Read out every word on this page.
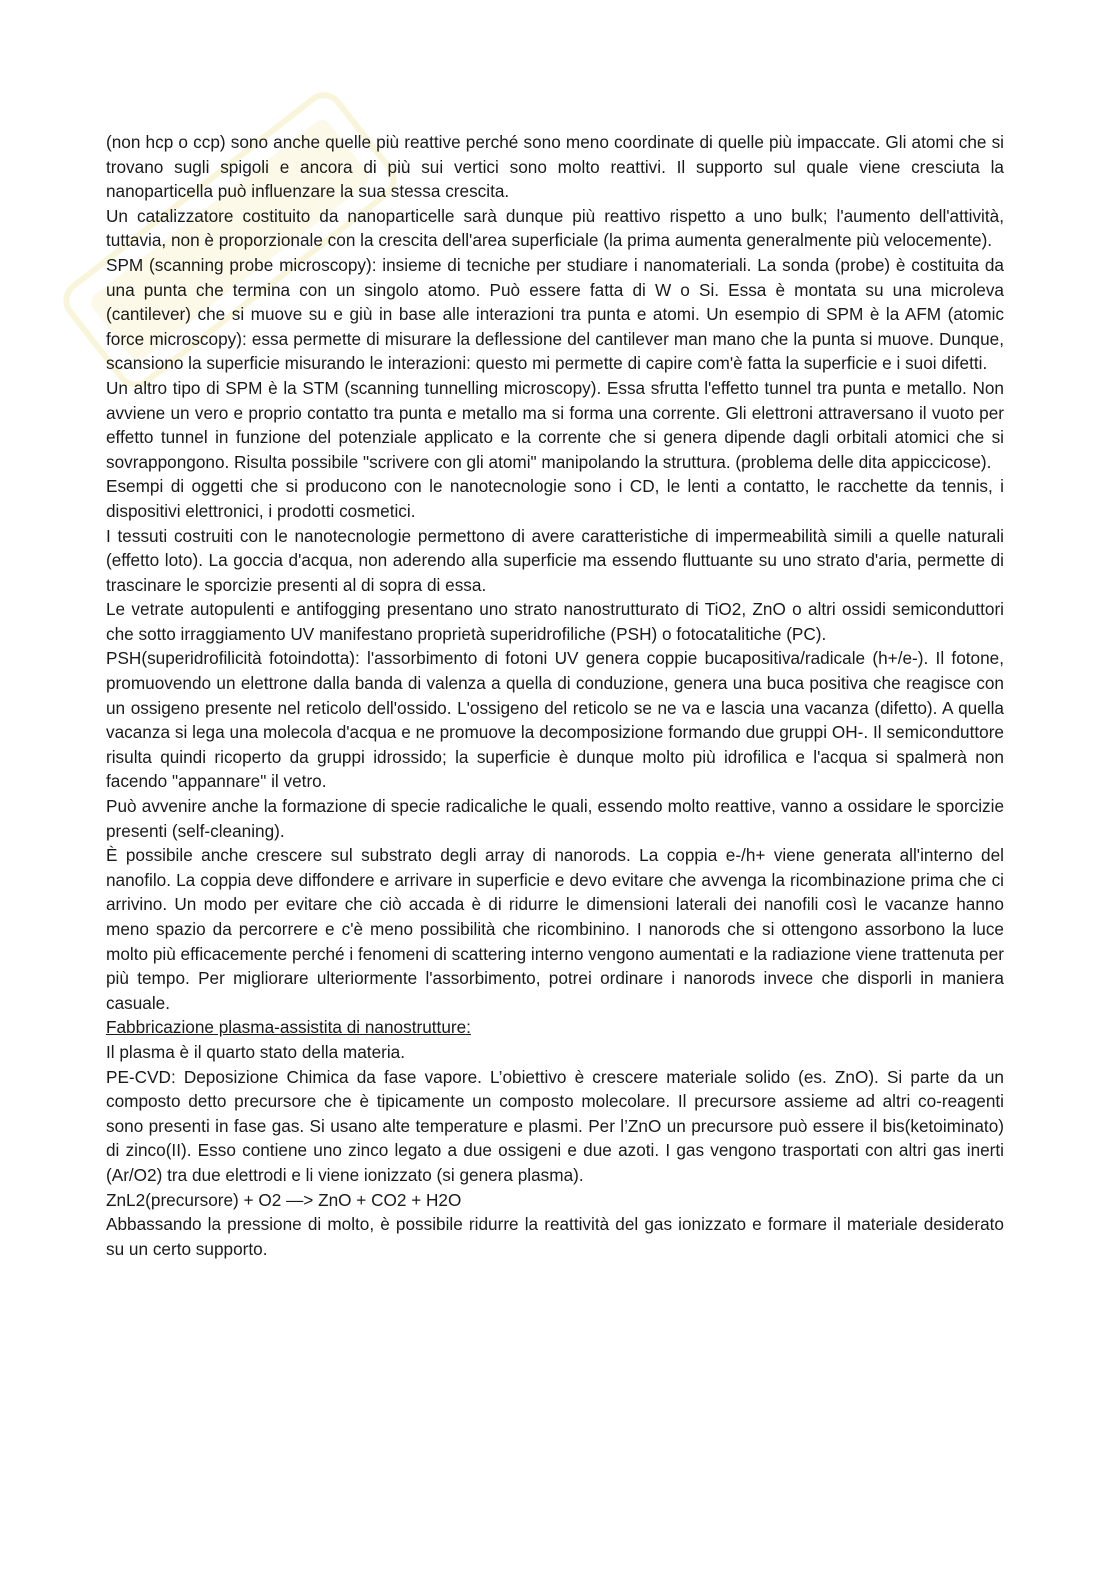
(non hcp o ccp) sono anche quelle più reattive perché sono meno coordinate di quelle più impaccate. Gli atomi che si trovano sugli spigoli e ancora di più sui vertici sono molto reattivi. Il supporto sul quale viene cresciuta la nanoparticella può influenzare la sua stessa crescita.

Un catalizzatore costituito da nanoparticelle sarà dunque più reattivo rispetto a uno bulk; l'aumento dell'attività, tuttavia, non è proporzionale con la crescita dell'area superficiale (la prima aumenta generalmente più velocemente).

SPM (scanning probe microscopy): insieme di tecniche per studiare i nanomateriali. La sonda (probe) è costituita da una punta che termina con un singolo atomo. Può essere fatta di W o Si. Essa è montata su una microleva (cantilever) che si muove su e giù in base alle interazioni tra punta e atomi. Un esempio di SPM è la AFM (atomic force microscopy): essa permette di misurare la deflessione del cantilever man mano che la punta si muove. Dunque, scansiono la superficie misurando le interazioni: questo mi permette di capire com'è fatta la superficie e i suoi difetti.

Un altro tipo di SPM è la STM (scanning tunnelling microscopy). Essa sfrutta l'effetto tunnel tra punta e metallo. Non avviene un vero e proprio contatto tra punta e metallo ma si forma una corrente. Gli elettroni attraversano il vuoto per effetto tunnel in funzione del potenziale applicato e la corrente che si genera dipende dagli orbitali atomici che si sovrappongono. Risulta possibile "scrivere con gli atomi" manipolando la struttura. (problema delle dita appiccicose).

Esempi di oggetti che si producono con le nanotecnologie sono i CD, le lenti a contatto, le racchette da tennis, i dispositivi elettronici, i prodotti cosmetici.

I tessuti costruiti con le nanotecnologie permettono di avere caratteristiche di impermeabilità simili a quelle naturali (effetto loto). La goccia d'acqua, non aderendo alla superficie ma essendo fluttuante su uno strato d'aria, permette di trascinare le sporcizie presenti al di sopra di essa.

Le vetrate autopulenti e antifogging presentano uno strato nanostrutturato di TiO2, ZnO o altri ossidi semiconduttori che sotto irraggiamento UV manifestano proprietà superidrofiliche (PSH) o fotocatalitiche (PC).

PSH(superidrofilicità fotoindotta): l'assorbimento di fotoni UV genera coppie bucapositiva/radicale (h+/e-). Il fotone, promuovendo un elettrone dalla banda di valenza a quella di conduzione, genera una buca positiva che reagisce con un ossigeno presente nel reticolo dell'ossido. L'ossigeno del reticolo se ne va e lascia una vacanza (difetto). A quella vacanza si lega una molecola d'acqua e ne promuove la decomposizione formando due gruppi OH-. Il semiconduttore risulta quindi ricoperto da gruppi idrossido; la superficie è dunque molto più idrofilica e l'acqua si spalmerà non facendo "appannare" il vetro.

Può avvenire anche la formazione di specie radicaliche le quali, essendo molto reattive, vanno a ossidare le sporcizie presenti (self-cleaning).

È possibile anche crescere sul substrato degli array di nanorods. La coppia e-/h+ viene generata all'interno del nanofilo. La coppia deve diffondere e arrivare in superficie e devo evitare che avvenga la ricombinazione prima che ci arrivino. Un modo per evitare che ciò accada è di ridurre le dimensioni laterali dei nanofili così le vacanze hanno meno spazio da percorrere e c'è meno possibilità che ricombinino. I nanorods che si ottengono assorbono la luce molto più efficacemente perché i fenomeni di scattering interno vengono aumentati e la radiazione viene trattenuta per più tempo. Per migliorare ulteriormente l'assorbimento, potrei ordinare i nanorods invece che disporli in maniera casuale.

Fabbricazione plasma-assistita di nanostrutture:

Il plasma è il quarto stato della materia.

PE-CVD: Deposizione Chimica da fase vapore. L’obiettivo è crescere materiale solido (es. ZnO). Si parte da un composto detto precursore che è tipicamente un composto molecolare. Il precursore assieme ad altri co-reagenti sono presenti in fase gas. Si usano alte temperature e plasmi. Per l’ZnO un precursore può essere il bis(ketoiminato) di zinco(II). Esso contiene uno zinco legato a due ossigeni e due azoti. I gas vengono trasportati con altri gas inerti (Ar/O2) tra due elettrodi e li viene ionizzato (si genera plasma).

ZnL2(precursore) + O2 —> ZnO + CO2 + H2O

Abbassando la pressione di molto, è possibile ridurre la reattività del gas ionizzato e formare il materiale desiderato su un certo supporto.
